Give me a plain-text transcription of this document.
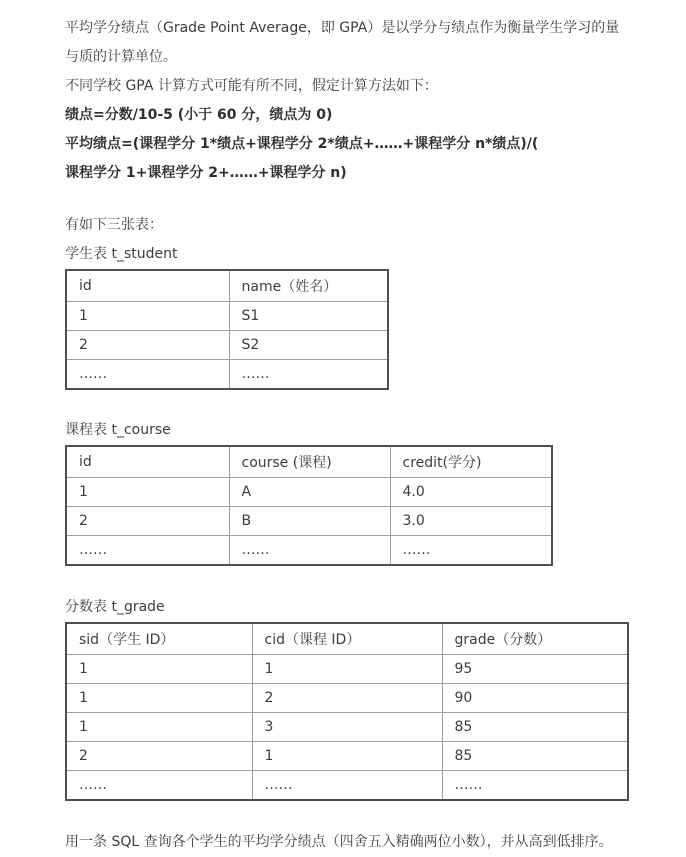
平均学分绩点（Grade Point Average，即 GPA）是以学分与绩点作为衡量学生学习的量
与质的计算单位。
不同学校 GPA 计算方式可能有所不同，假定计算方法如下：
绩点=分数/10-5 (小于 60 分，绩点为 0)
平均绩点=(课程学分 1*绩点+课程学分 2*绩点+……+课程学分 n*绩点)/(
课程学分 1+课程学分 2+……+课程学分 n)
有如下三张表：
学生表 t_student
id	name（姓名）
1	S1
2	S2
……	……
课程表 t_course
id	course (课程)	credit(学分)
1	A	4.0
2	B	3.0
……	……	……
分数表 t_grade
sid（学生 ID）	cid（课程 ID）	grade（分数）
1	1	95
1	2	90
1	3	85
2	1	85
……	……	……
用一条 SQL 查询各个学生的平均学分绩点（四舍五入精确两位小数），并从高到低排序。
